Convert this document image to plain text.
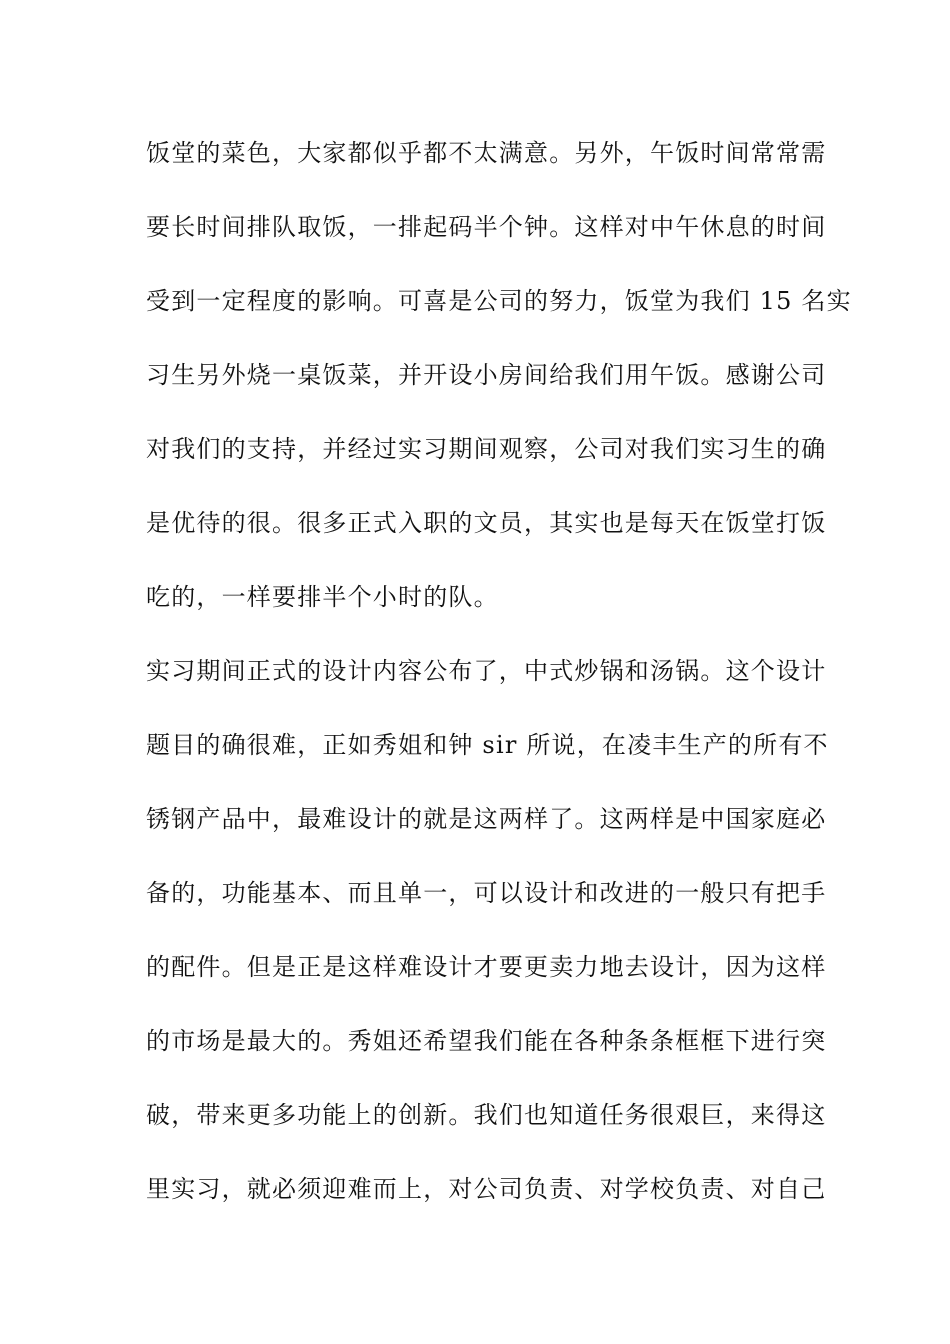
饭堂的菜色，大家都似乎都不太满意。另外，午饭时间常常需
要长时间排队取饭，一排起码半个钟。这样对中午休息的时间
受到一定程度的影响。可喜是公司的努力，饭堂为我们 15 名实
习生另外烧一桌饭菜，并开设小房间给我们用午饭。感谢公司
对我们的支持，并经过实习期间观察，公司对我们实习生的确
是优待的很。很多正式入职的文员，其实也是每天在饭堂打饭
吃的，一样要排半个小时的队。
实习期间正式的设计内容公布了，中式炒锅和汤锅。这个设计
题目的确很难，正如秀姐和钟 sir 所说，在凌丰生产的所有不
锈钢产品中，最难设计的就是这两样了。这两样是中国家庭必
备的，功能基本、而且单一，可以设计和改进的一般只有把手
的配件。但是正是这样难设计才要更卖力地去设计，因为这样
的市场是最大的。秀姐还希望我们能在各种条条框框下进行突
破，带来更多功能上的创新。我们也知道任务很艰巨，来得这
里实习，就必须迎难而上，对公司负责、对学校负责、对自己
